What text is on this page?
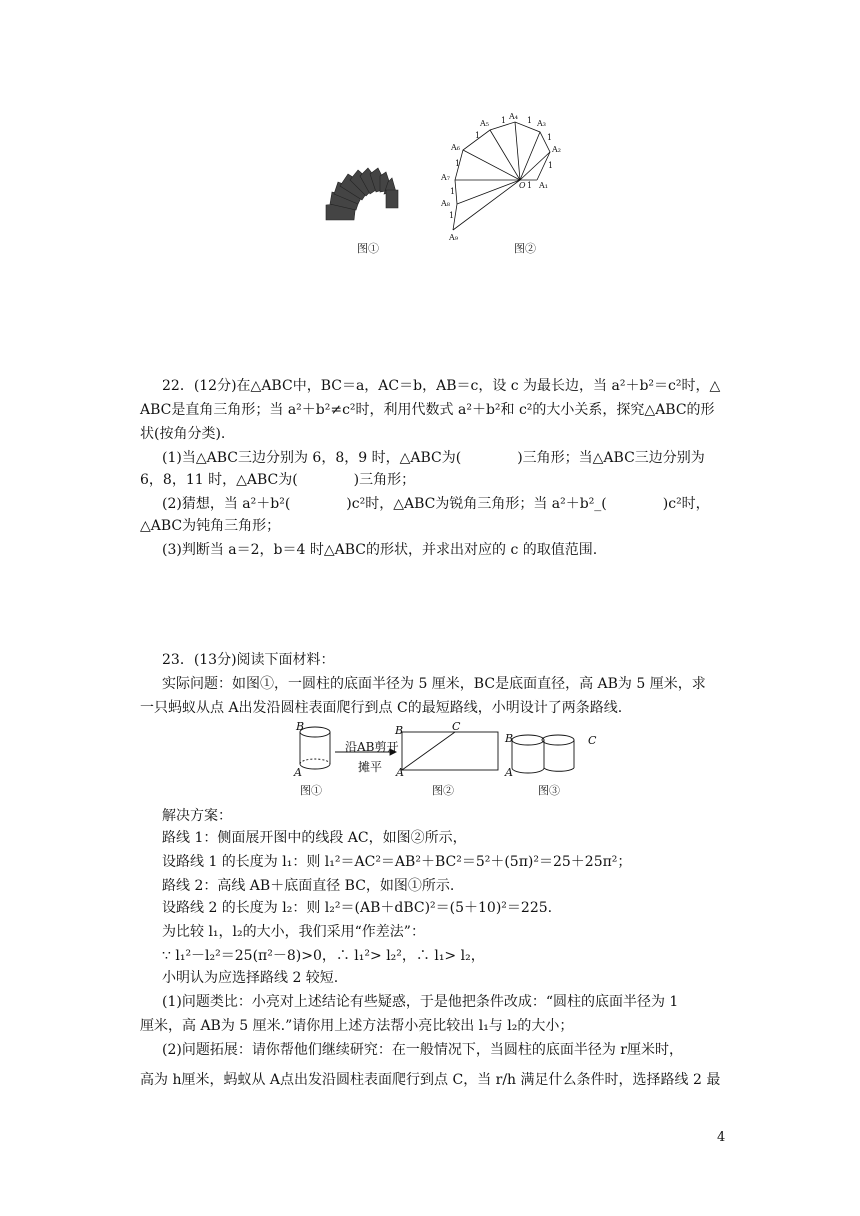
A₁
A₂
A₃
A₄
A₅
A₆
A₇
A₈
A₉
O 1
1
1
1
1
1
1
1
1
图①	图②
22．(12分)在△ABC中，BC＝a，AC＝b，AB＝c，设 c 为最长边，当 a²＋b²＝c²时，△
ABC是直角三角形；当 a²＋b²≠c²时，利用代数式 a²＋b²和 c²的大小关系，探究△ABC的形
状(按角分类).
(1)当△ABC三边分别为 6，8，9 时，△ABC为(　　　　)三角形；当△ABC三边分别为
6，8，11 时，△ABC为(　　　　)三角形；
(2)猜想，当 a²＋b²(　　　　)c²时，△ABC为锐角三角形；当 a²＋b²_(　　　　)c²时，
△ABC为钝角三角形；
(3)判断当 a＝2，b＝4 时△ABC的形状，并求出对应的 c 的取值范围.
23．(13分)阅读下面材料：
实际问题：如图①，一圆柱的底面半径为 5 厘米，BC是底面直径，高 AB为 5 厘米，求
一只蚂蚁从点 A出发沿圆柱表面爬行到点 C的最短路线，小明设计了两条路线.
B
A
沿AB剪开
摊平
B	C
A
B	C
A
图①	图②	图③
解决方案：
路线 1：侧面展开图中的线段 AC，如图②所示，
设路线 1 的长度为 l₁：则 l₁²＝AC²＝AB²＋BC²＝5²＋(5π)²＝25＋25π²；
路线 2：高线 AB＋底面直径 BC，如图①所示.
设路线 2 的长度为 l₂：则 l₂²＝(AB＋dBC)²＝(5＋10)²＝225.
为比较 l₁，l₂的大小，我们采用“作差法”：
∵ l₁²－l₂²＝25(π²－8)>0，∴ l₁²> l₂²，∴ l₁> l₂，
小明认为应选择路线 2 较短.
(1)问题类比：小亮对上述结论有些疑惑，于是他把条件改成：“圆柱的底面半径为 1
厘米，高 AB为 5 厘米.”请你用上述方法帮小亮比较出 l₁与 l₂的大小；
(2)问题拓展：请你帮他们继续研究：在一般情况下，当圆柱的底面半径为 r厘米时，
高为 h厘米，蚂蚁从 A点出发沿圆柱表面爬行到点 C，当 r/h 满足什么条件时，选择路线 2 最
4
